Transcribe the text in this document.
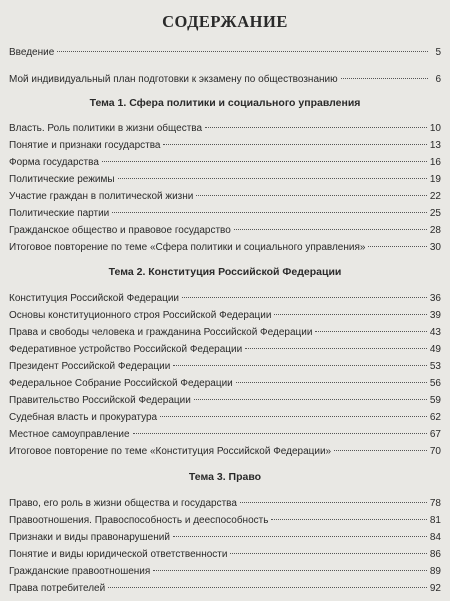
СОДЕРЖАНИЕ
Введение	5
Мой индивидуальный план подготовки к экзамену по обществознанию	6
Тема 1. Сфера политики и социального управления
Власть. Роль политики в жизни общества	10
Понятие и признаки государства	13
Форма государства	16
Политические режимы	19
Участие граждан в политической жизни	22
Политические партии	25
Гражданское общество и правовое государство	28
Итоговое повторение по теме «Сфера политики и социального управления»	30
Тема 2. Конституция Российской Федерации
Конституция Российской Федерации	36
Основы конституционного строя Российской Федерации	39
Права и свободы человека и гражданина Российской Федерации	43
Федеративное устройство Российской Федерации	49
Президент Российской Федерации	53
Федеральное Собрание Российской Федерации	56
Правительство Российской Федерации	59
Судебная власть и прокуратура	62
Местное самоуправление	67
Итоговое повторение по теме «Конституция Российской Федерации»	70
Тема 3. Право
Право, его роль в жизни общества и государства	78
Правоотношения. Правоспособность и дееспособность	81
Признаки и виды правонарушений	84
Понятие и виды юридической ответственности	86
Гражданские правоотношения	89
Права потребителей	92
